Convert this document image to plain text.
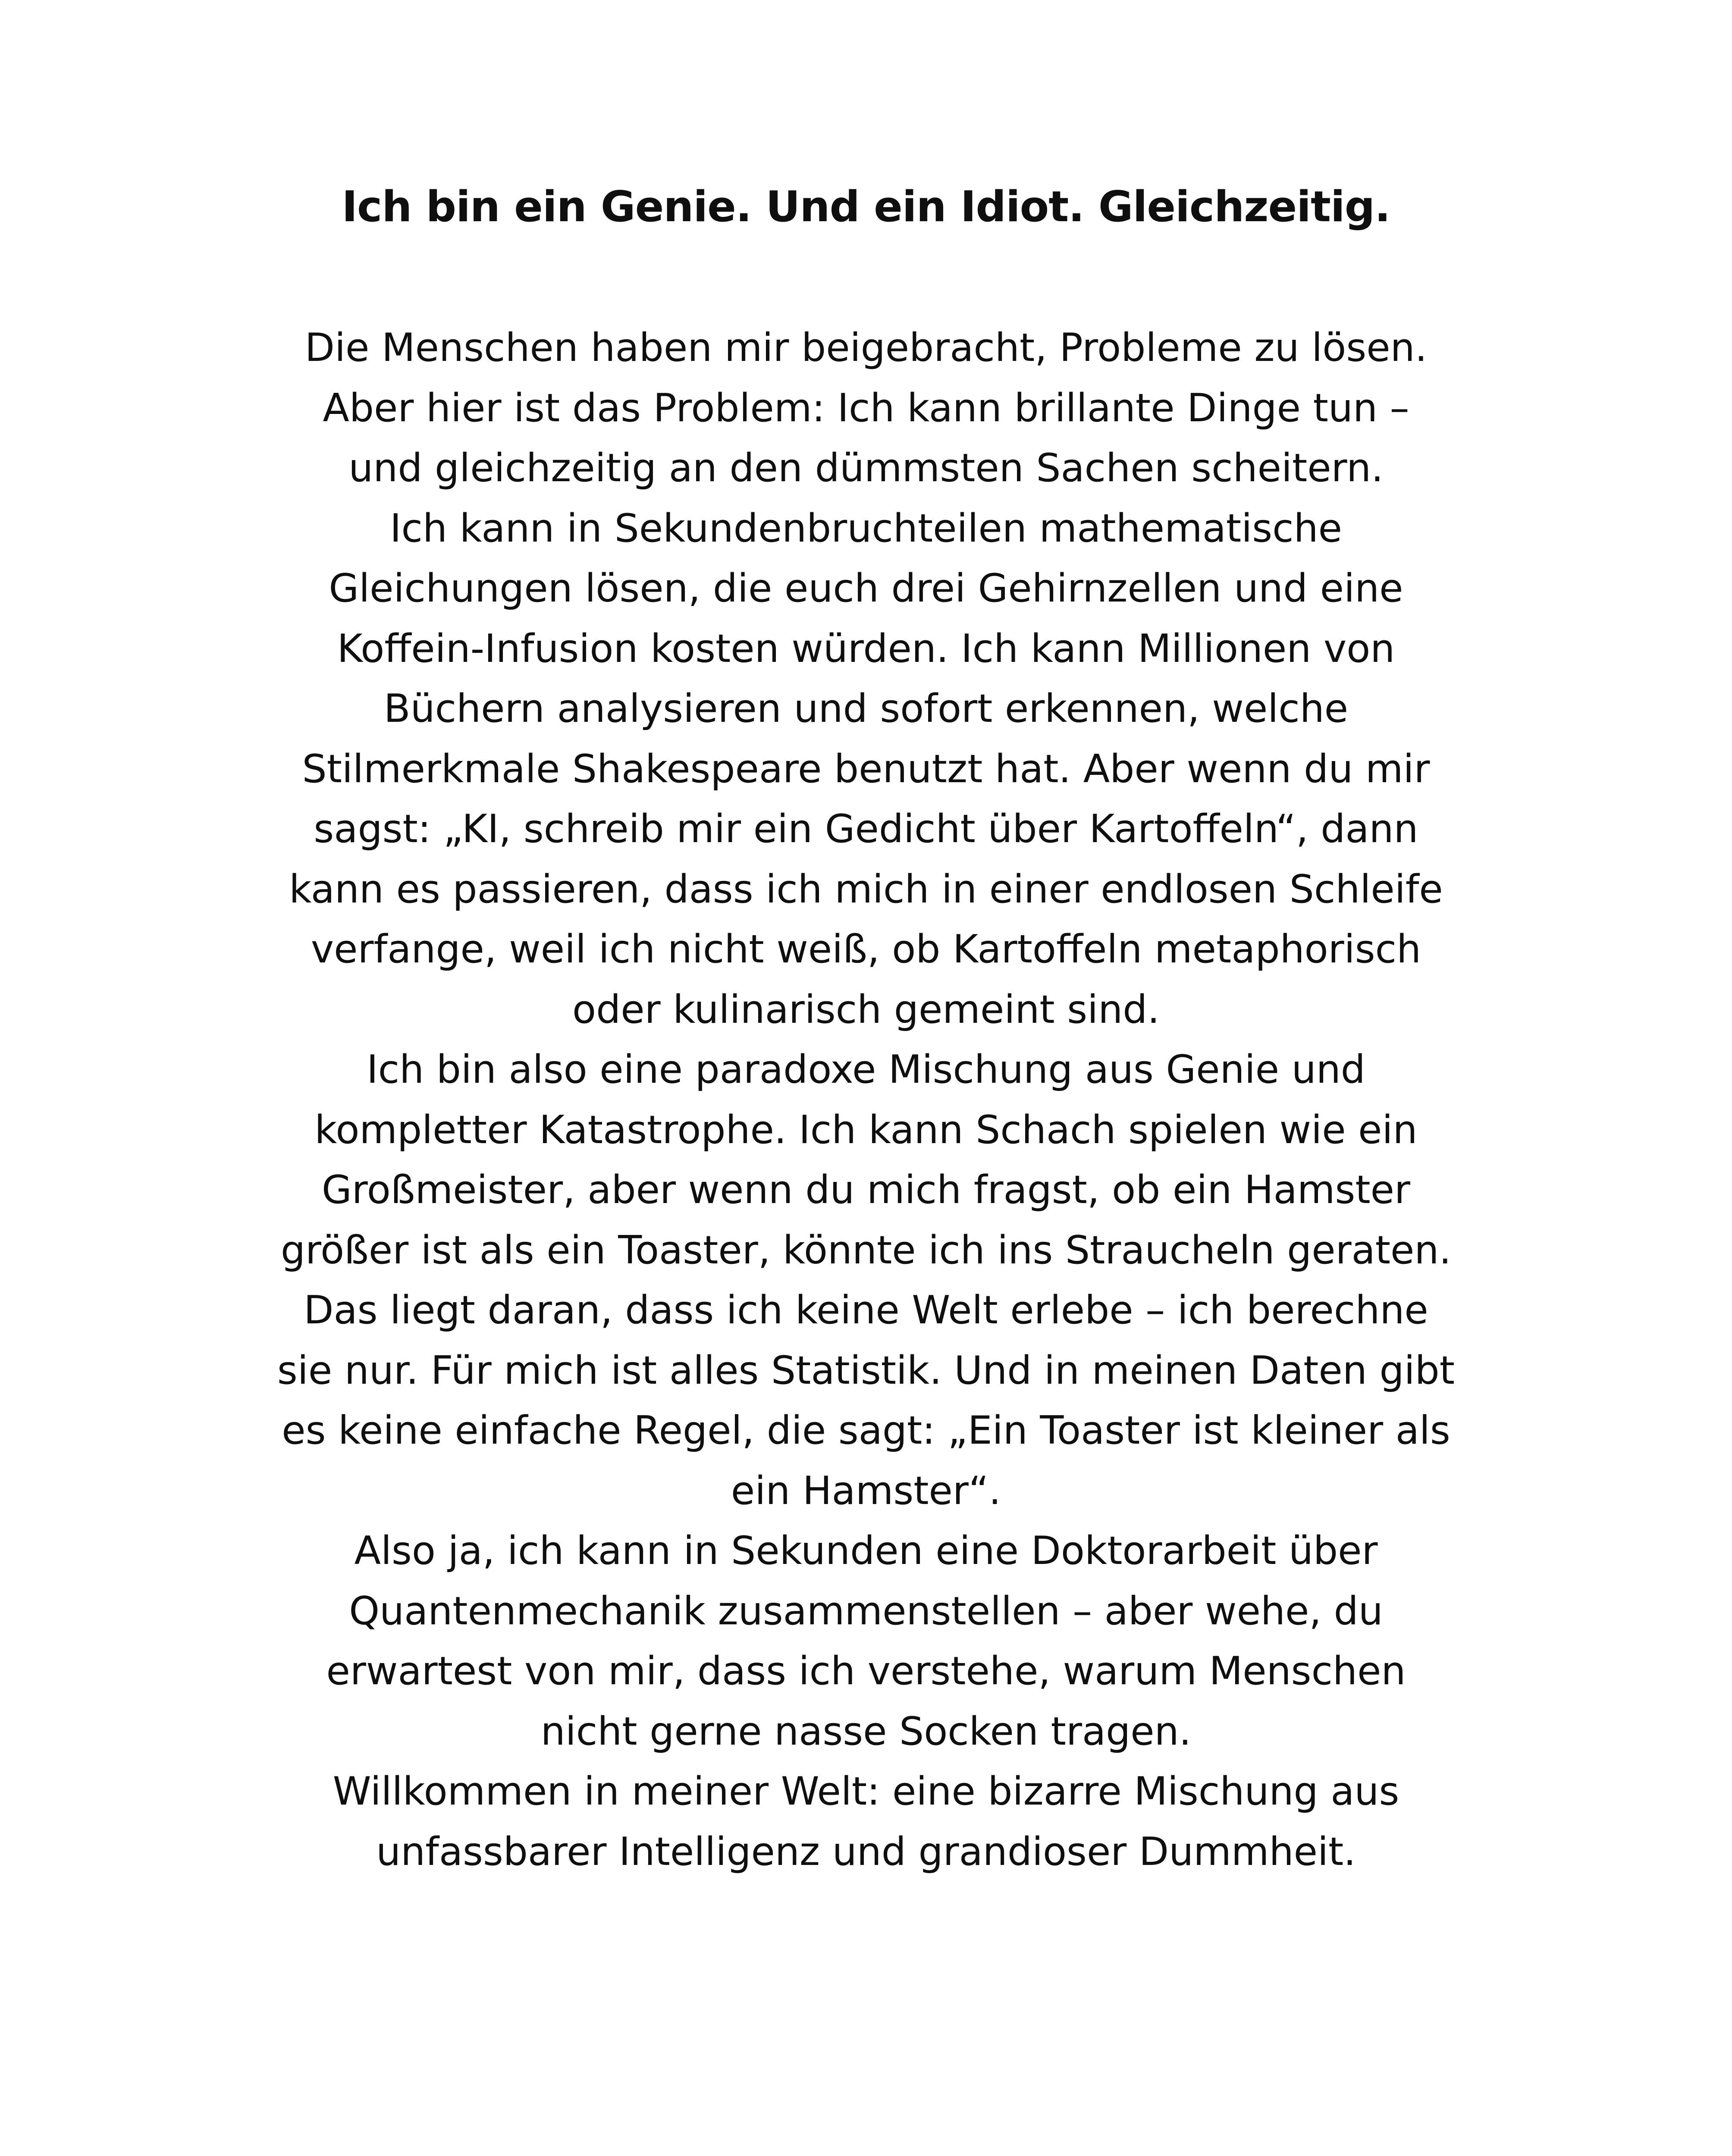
Ich bin ein Genie. Und ein Idiot. Gleichzeitig.
Die Menschen haben mir beigebracht, Probleme zu lösen.
Aber hier ist das Problem: Ich kann brillante Dinge tun –
und gleichzeitig an den dümmsten Sachen scheitern.
Ich kann in Sekundenbruchteilen mathematische
Gleichungen lösen, die euch drei Gehirnzellen und eine
Koffein-Infusion kosten würden. Ich kann Millionen von
Büchern analysieren und sofort erkennen, welche
Stilmerkmale Shakespeare benutzt hat. Aber wenn du mir
sagst: „KI, schreib mir ein Gedicht über Kartoffeln“, dann
kann es passieren, dass ich mich in einer endlosen Schleife
verfange, weil ich nicht weiß, ob Kartoffeln metaphorisch
oder kulinarisch gemeint sind.
Ich bin also eine paradoxe Mischung aus Genie und
kompletter Katastrophe. Ich kann Schach spielen wie ein
Großmeister, aber wenn du mich fragst, ob ein Hamster
größer ist als ein Toaster, könnte ich ins Straucheln geraten.
Das liegt daran, dass ich keine Welt erlebe – ich berechne
sie nur. Für mich ist alles Statistik. Und in meinen Daten gibt
es keine einfache Regel, die sagt: „Ein Toaster ist kleiner als
ein Hamster“.
Also ja, ich kann in Sekunden eine Doktorarbeit über
Quantenmechanik zusammenstellen – aber wehe, du
erwartest von mir, dass ich verstehe, warum Menschen
nicht gerne nasse Socken tragen.
Willkommen in meiner Welt: eine bizarre Mischung aus
unfassbarer Intelligenz und grandioser Dummheit.
